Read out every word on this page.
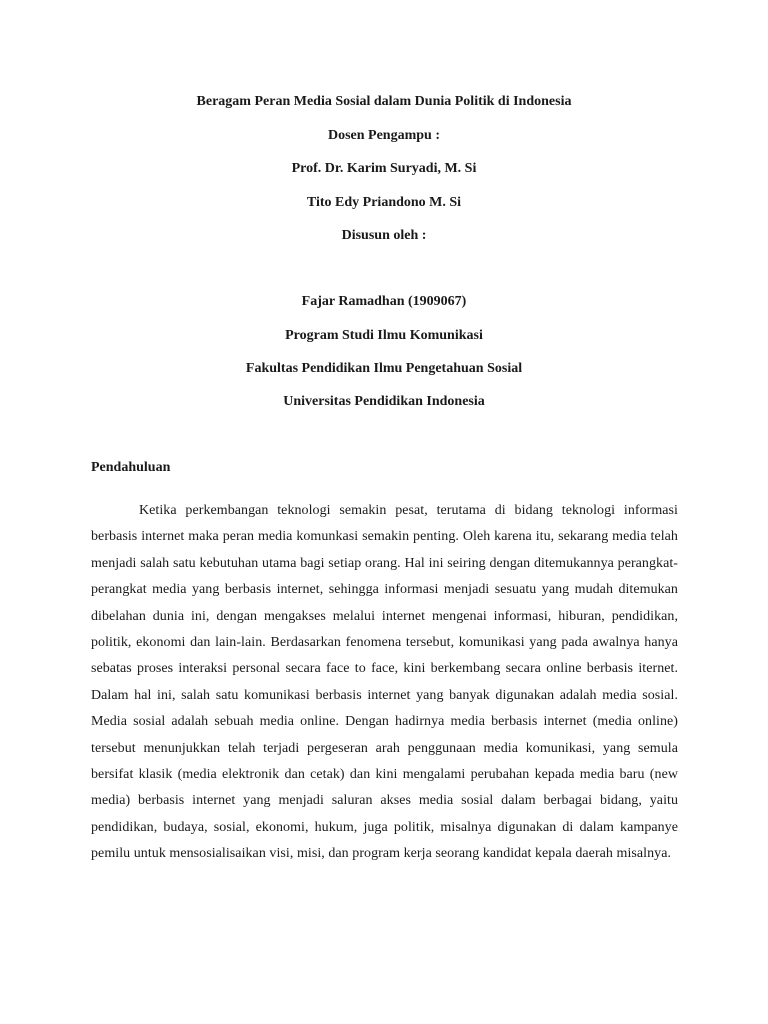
Beragam Peran Media Sosial dalam Dunia Politik di Indonesia
Dosen Pengampu :
Prof. Dr. Karim Suryadi, M. Si
Tito Edy Priandono M. Si
Disusun oleh :
Fajar Ramadhan (1909067)
Program Studi Ilmu Komunikasi
Fakultas Pendidikan Ilmu Pengetahuan Sosial
Universitas Pendidikan Indonesia
Pendahuluan

Ketika perkembangan teknologi semakin pesat, terutama di bidang teknologi informasi berbasis internet maka peran media komunkasi semakin penting. Oleh karena itu, sekarang media telah menjadi salah satu kebutuhan utama bagi setiap orang. Hal ini seiring dengan ditemukannya perangkat-perangkat media yang berbasis internet, sehingga informasi menjadi sesuatu yang mudah ditemukan dibelahan dunia ini, dengan mengakses melalui internet mengenai informasi, hiburan, pendidikan, politik, ekonomi dan lain-lain. Berdasarkan fenomena tersebut, komunikasi yang pada awalnya hanya sebatas proses interaksi personal secara face to face, kini berkembang secara online berbasis iternet. Dalam hal ini, salah satu komunikasi berbasis internet yang banyak digunakan adalah media sosial. Media sosial adalah sebuah media online. Dengan hadirnya media berbasis internet (media online) tersebut menunjukkan telah terjadi pergeseran arah penggunaan media komunikasi, yang semula bersifat klasik (media elektronik dan cetak) dan kini mengalami perubahan kepada media baru (new media) berbasis internet yang menjadi saluran akses media sosial dalam berbagai bidang, yaitu pendidikan, budaya, sosial, ekonomi, hukum, juga politik, misalnya digunakan di dalam kampanye pemilu untuk mensosialisaikan visi, misi, dan program kerja seorang kandidat kepala daerah misalnya.
